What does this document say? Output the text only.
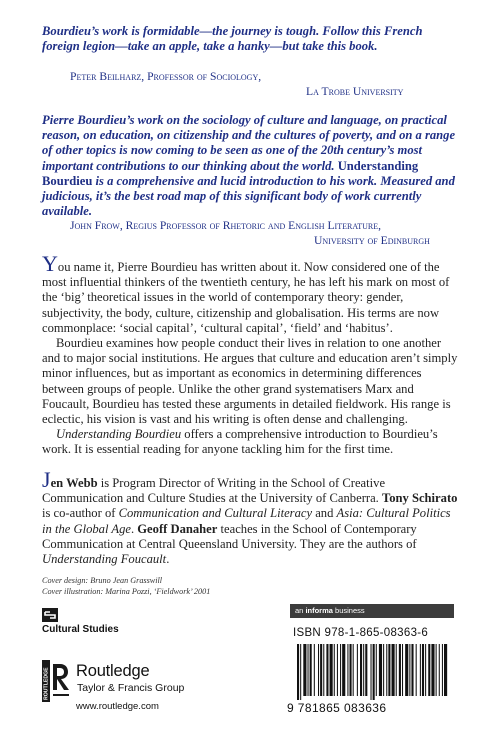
Bourdieu’s work is formidable—the journey is tough. Follow this French foreign legion—take an apple, take a hanky—but take this book.
Peter Beilharz, Professor of Sociology,
La Trobe University
Pierre Bourdieu’s work on the sociology of culture and language, on practical reason, on education, on citizenship and the cultures of poverty, and on a range of other topics is now coming to be seen as one of the 20th century’s most important contributions to our thinking about the world. Understanding Bourdieu is a comprehensive and lucid introduction to his work. Measured and judicious, it’s the best road map of this significant body of work currently available.
John Frow, Regius Professor of Rhetoric and English Literature,
University of Edinburgh

You name it, Pierre Bourdieu has written about it. Now considered one of the most influential thinkers of the twentieth century, he has left his mark on most of the ‘big’ theoretical issues in the world of contemporary theory: gender, subjectivity, the body, culture, citizenship and globalisation. His terms are now commonplace: ‘social capital’, ‘cultural capital’, ‘field’ and ‘habitus’.

Bourdieu examines how people conduct their lives in relation to one another and to major social institutions. He argues that culture and education aren’t simply minor influences, but as important as economics in determining differences between groups of people. Unlike the other grand systematisers Marx and Foucault, Bourdieu has tested these arguments in detailed fieldwork. His range is eclectic, his vision is vast and his writing is often dense and challenging.

Understanding Bourdieu offers a comprehensive introduction to Bourdieu’s work. It is essential reading for anyone tackling him for the first time.

Jen Webb is Program Director of Writing in the School of Creative Communication and Culture Studies at the University of Canberra. Tony Schirato is co-author of Communication and Cultural Literacy and Asia: Cultural Politics in the Global Age. Geoff Danaher teaches in the School of Contemporary Communication at Central Queensland University. They are the authors of Understanding Foucault.

Cover design: Bruno Jean Grasswill
Cover illustration: Marina Pozzi, ‘Fieldwork’ 2001
Cultural Studies
ROUTLEDGE Routledge
Taylor & Francis Group
www.routledge.com
an informa business
ISBN 978-1-865-08363-6
9 781865 083636
